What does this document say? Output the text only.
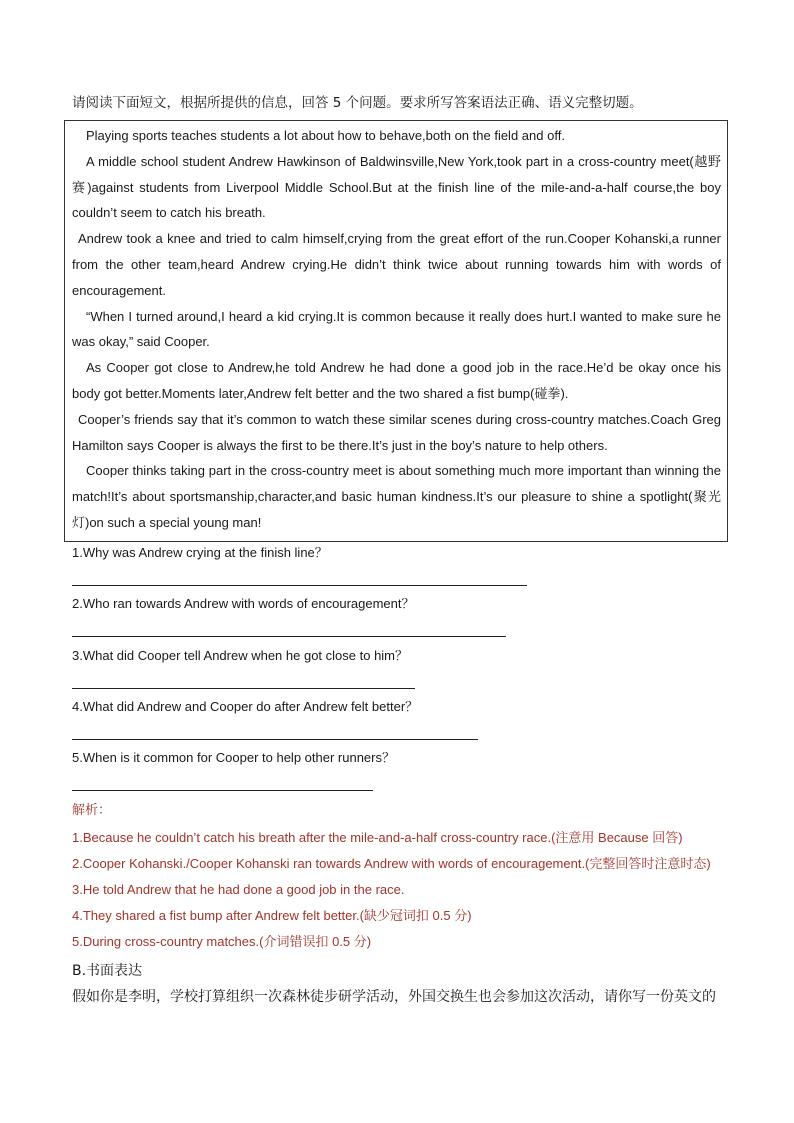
请阅读下面短文，根据所提供的信息，回答 5 个问题。要求所写答案语法正确、语义完整切题。

Playing sports teaches students a lot about how to behave,both on the field and off.

A middle school student Andrew Hawkinson of Baldwinsville,New York,took part in a cross-country meet(越野赛)against students from Liverpool Middle School.But at the finish line of the mile-and-a-half course,the boy couldn’t seem to catch his breath.

Andrew took a knee and tried to calm himself,crying from the great effort of the run.Cooper Kohanski,a runner from the other team,heard Andrew crying.He didn’t think twice about running towards him with words of encouragement.

“When I turned around,I heard a kid crying.It is common because it really does hurt.I wanted to make sure he was okay,” said Cooper.

As Cooper got close to Andrew,he told Andrew he had done a good job in the race.He’d be okay once his body got better.Moments later,Andrew felt better and the two shared a fist bump(碰拳).

Cooper’s friends say that it’s common to watch these similar scenes during cross-country matches.Coach Greg Hamilton says Cooper is always the first to be there.It’s just in the boy’s nature to help others.

Cooper thinks taking part in the cross-country meet is about something much more important than winning the match!It’s about sportsmanship,character,and basic human kindness.It’s our pleasure to shine a spotlight(聚光灯)on such a special young man!

1.Why was Andrew crying at the finish line？
2.Who ran towards Andrew with words of encouragement？
3.What did Cooper tell Andrew when he got close to him？
4.What did Andrew and Cooper do after Andrew felt better？
5.When is it common for Cooper to help other runners？
解析：
1.Because he couldn’t catch his breath after the mile-and-a-half cross-country race.(注意用 Because 回答)
2.Cooper Kohanski./Cooper Kohanski ran towards Andrew with words of encouragement.(完整回答时注意时态)
3.He told Andrew that he had done a good job in the race.
4.They shared a fist bump after Andrew felt better.(缺少冠词扣 0.5 分)
5.During cross-country matches.(介词错误扣 0.5 分)
B.书面表达
假如你是李明，学校打算组织一次森林徒步研学活动，外国交换生也会参加这次活动，请你写一份英文的
